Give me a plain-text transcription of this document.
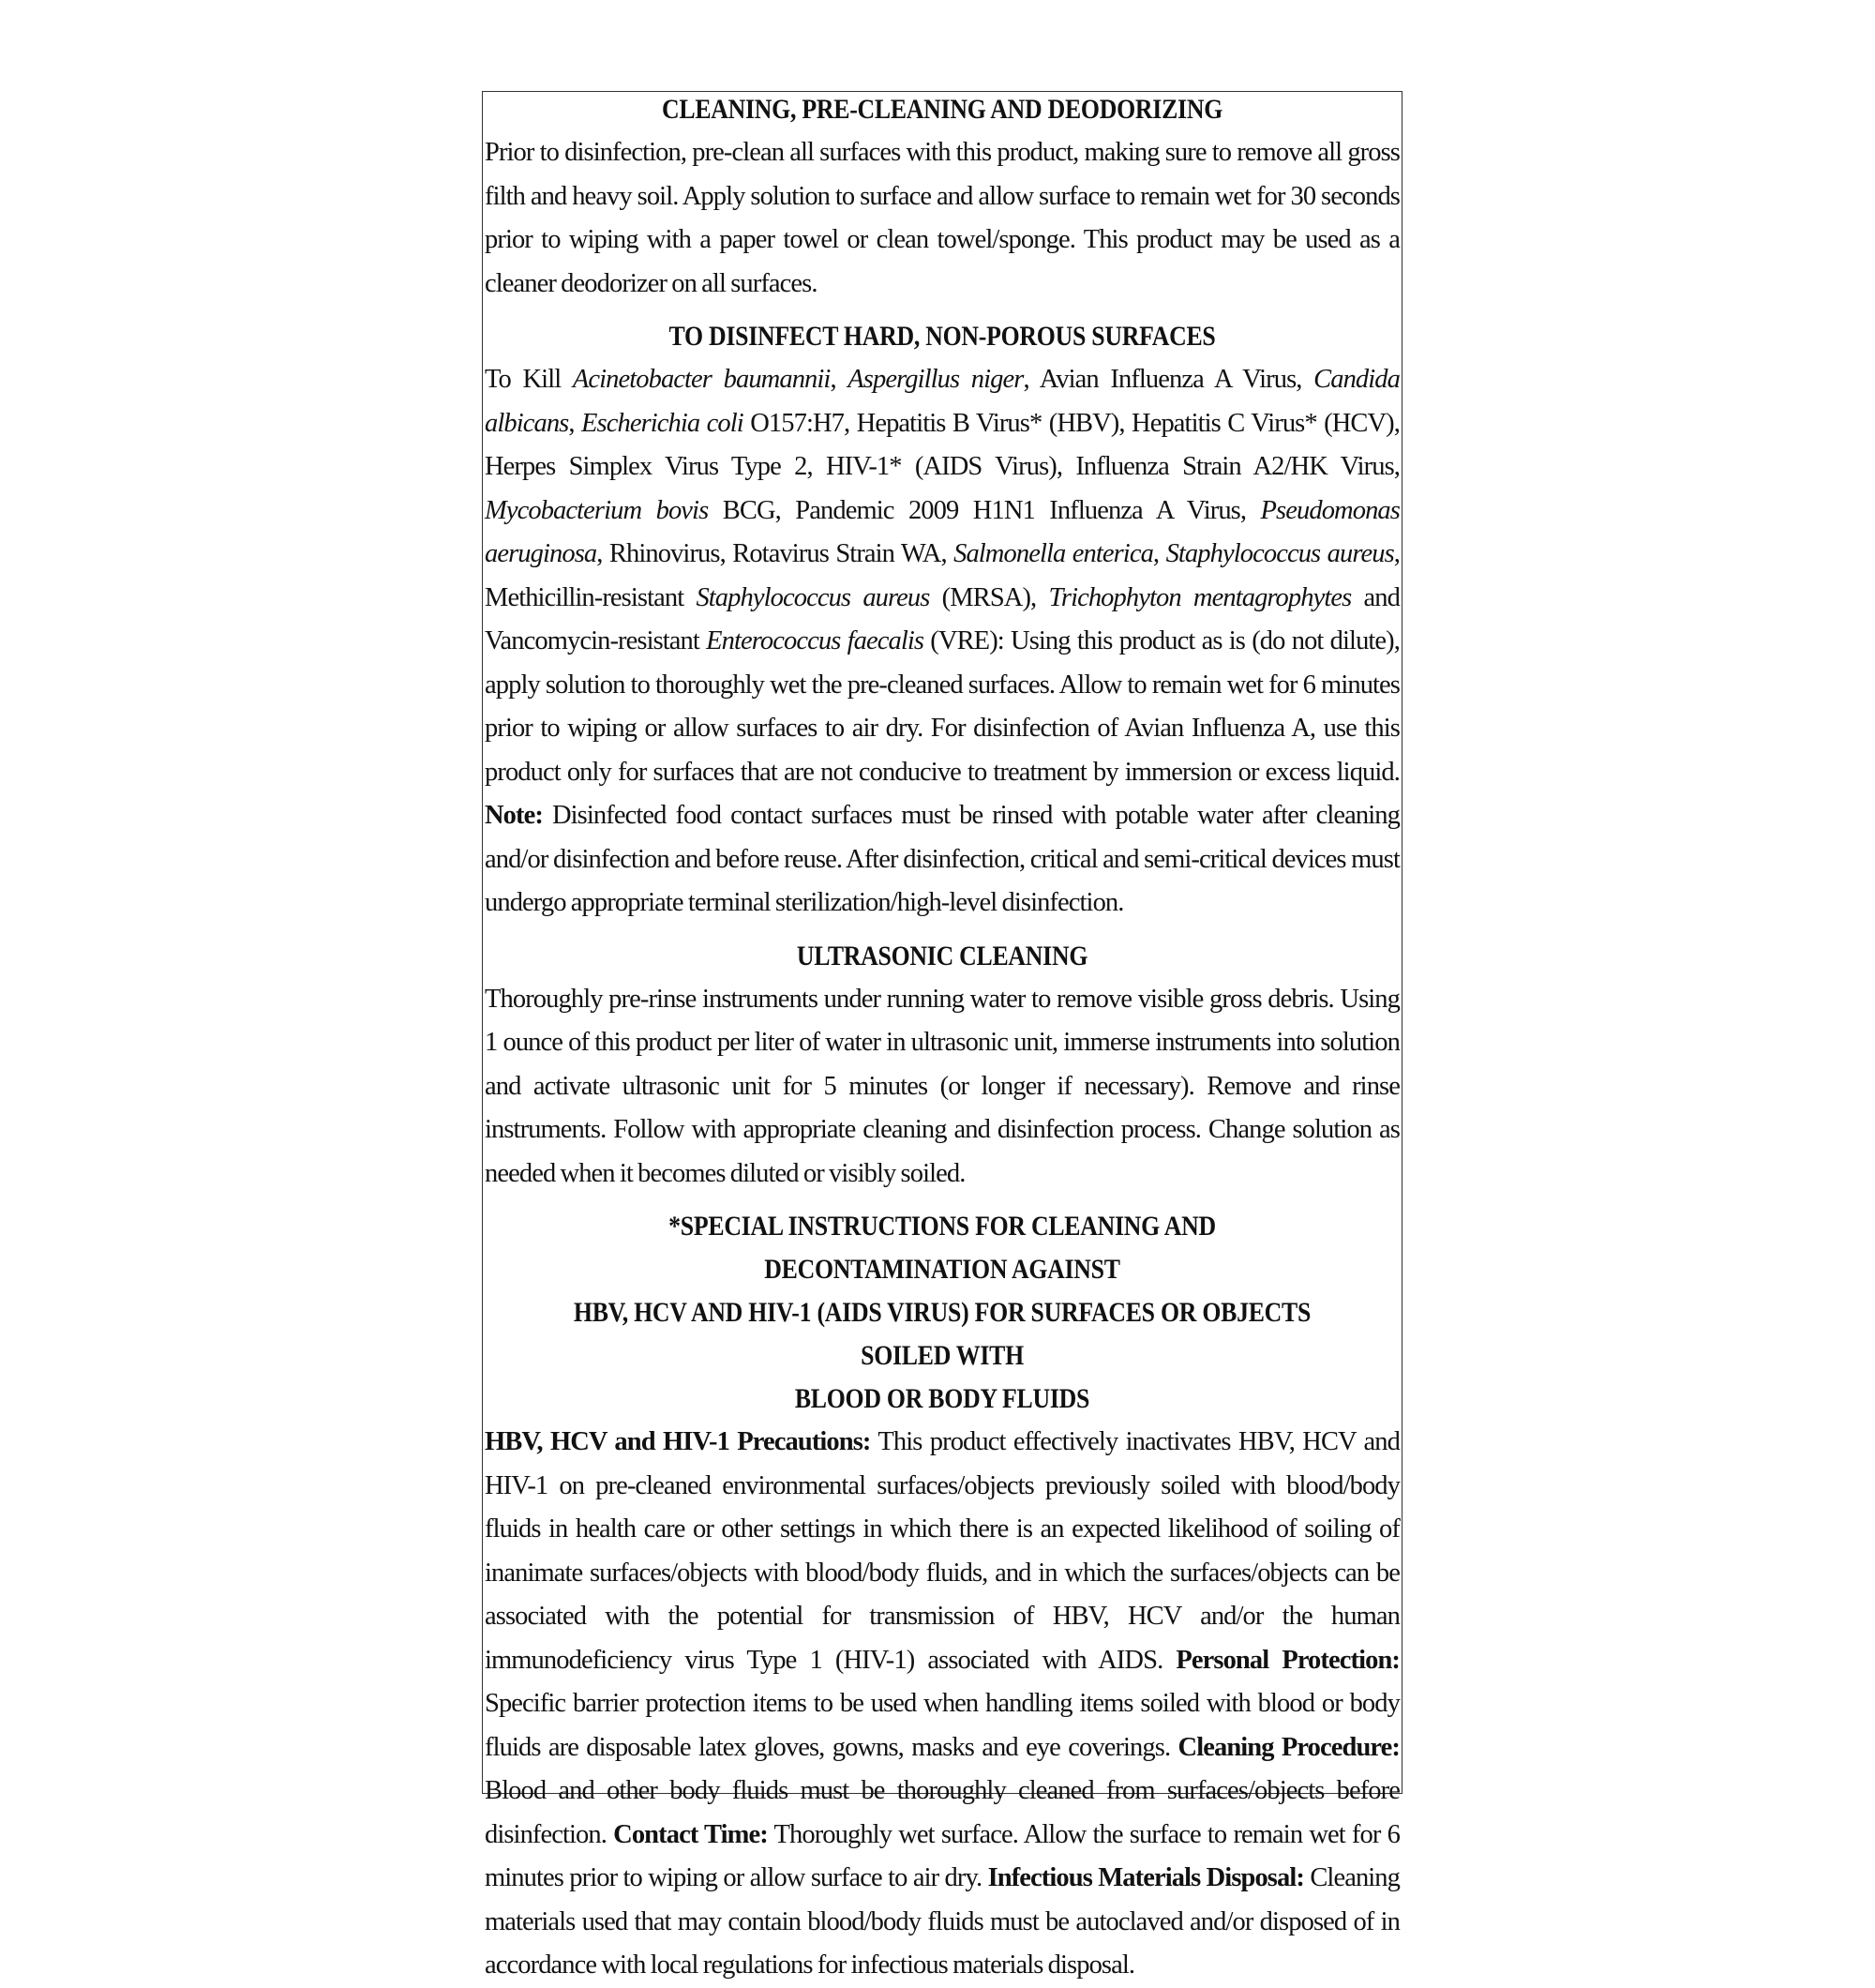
CLEANING, PRE-CLEANING AND DEODORIZING

Prior to disinfection, pre-clean all surfaces with this product, making sure to remove all gross filth and heavy soil. Apply solution to surface and allow surface to remain wet for 30 seconds prior to wiping with a paper towel or clean towel/sponge. This product may be used as a cleaner deodorizer on all surfaces.

TO DISINFECT HARD, NON-POROUS SURFACES

To Kill Acinetobacter baumannii, Aspergillus niger, Avian Influenza A Virus, Candida albicans, Escherichia coli O157:H7, Hepatitis B Virus* (HBV), Hepatitis C Virus* (HCV), Herpes Simplex Virus Type 2, HIV-1* (AIDS Virus), Influenza Strain A2/HK Virus, Mycobacterium bovis BCG, Pandemic 2009 H1N1 Influenza A Virus, Pseudomonas aeruginosa, Rhinovirus, Rotavirus Strain WA, Salmonella enterica, Staphylococcus aureus, Methicillin-resistant Staphylococcus aureus (MRSA), Trichophyton mentagrophytes and Vancomycin-resistant Enterococcus faecalis (VRE): Using this product as is (do not dilute), apply solution to thoroughly wet the pre-cleaned surfaces. Allow to remain wet for 6 minutes prior to wiping or allow surfaces to air dry. For disinfection of Avian Influenza A, use this product only for surfaces that are not conducive to treatment by immersion or excess liquid. Note: Disinfected food contact surfaces must be rinsed with potable water after cleaning and/or disinfection and before reuse. After disinfection, critical and semi-critical devices must undergo appropriate terminal sterilization/high-level disinfection.

ULTRASONIC CLEANING

Thoroughly pre-rinse instruments under running water to remove visible gross debris. Using 1 ounce of this product per liter of water in ultrasonic unit, immerse instruments into solution and activate ultrasonic unit for 5 minutes (or longer if necessary). Remove and rinse instruments. Follow with appropriate cleaning and disinfection process. Change solution as needed when it becomes diluted or visibly soiled.

*SPECIAL INSTRUCTIONS FOR CLEANING AND DECONTAMINATION AGAINST
HBV, HCV AND HIV-1 (AIDS VIRUS) FOR SURFACES OR OBJECTS SOILED WITH
BLOOD OR BODY FLUIDS

HBV, HCV and HIV-1 Precautions: This product effectively inactivates HBV, HCV and HIV-1 on pre-cleaned environmental surfaces/objects previously soiled with blood/body fluids in health care or other settings in which there is an expected likelihood of soiling of inanimate surfaces/objects with blood/body fluids, and in which the surfaces/objects can be associated with the potential for transmission of HBV, HCV and/or the human immunodeficiency virus Type 1 (HIV-1) associated with AIDS. Personal Protection: Specific barrier protection items to be used when handling items soiled with blood or body fluids are disposable latex gloves, gowns, masks and eye coverings. Cleaning Procedure: Blood and other body fluids must be thoroughly cleaned from surfaces/objects before disinfection. Contact Time: Thoroughly wet surface. Allow the surface to remain wet for 6 minutes prior to wiping or allow surface to air dry. Infectious Materials Disposal: Cleaning materials used that may contain blood/body fluids must be autoclaved and/or disposed of in accordance with local regulations for infectious materials disposal.
